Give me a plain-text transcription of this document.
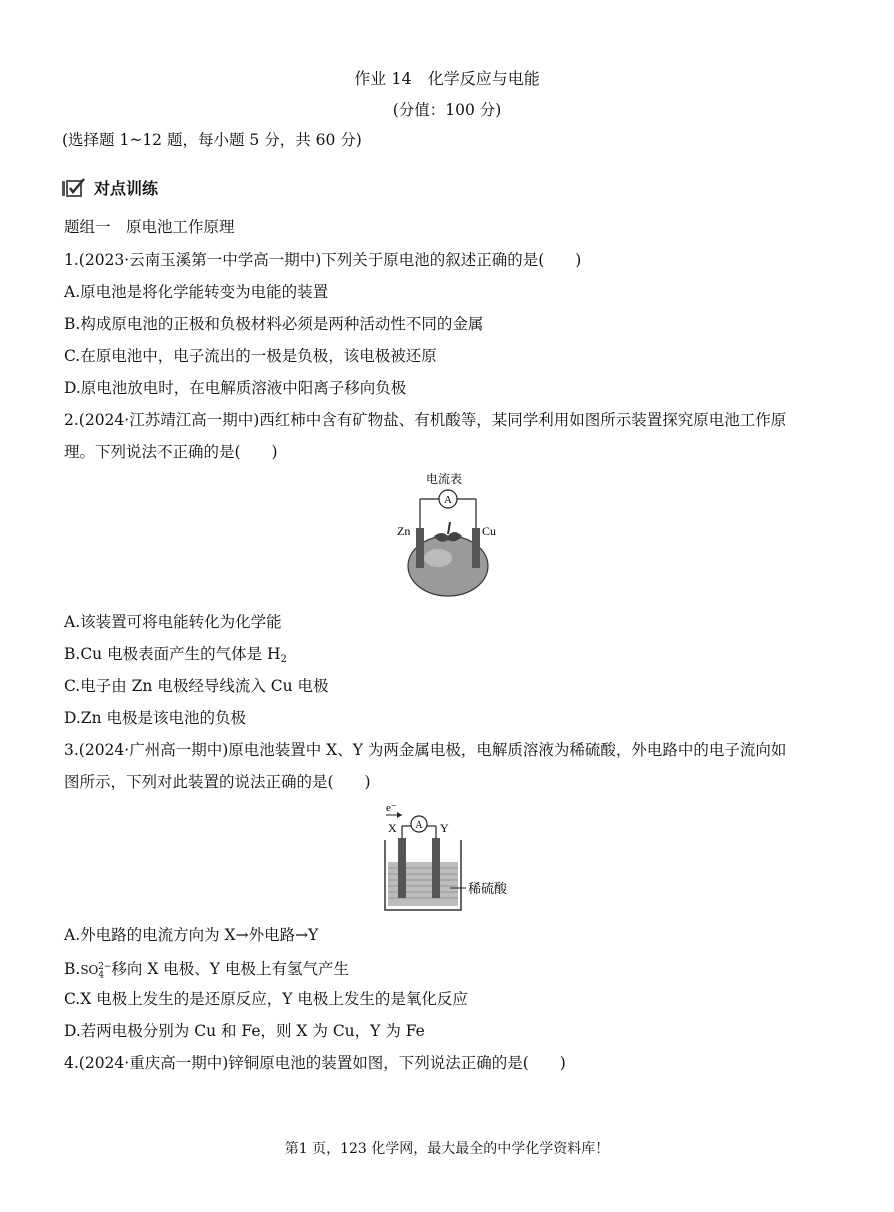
作业 14　化学反应与电能
(分值：100 分)
(选择题 1~12 题，每小题 5 分，共 60 分)
对点训练
题组一　原电池工作原理
1.(2023·云南玉溪第一中学高一期中)下列关于原电池的叙述正确的是(　　)
A.原电池是将化学能转变为电能的装置
B.构成原电池的正极和负极材料必须是两种活动性不同的金属
C.在原电池中，电子流出的一极是负极，该电极被还原
D.原电池放电时，在电解质溶液中阳离子移向负极
2.(2024·江苏靖江高一期中)西红柿中含有矿物盐、有机酸等，某同学利用如图所示装置探究原电池工作原
理。下列说法不正确的是(　　)
电流表
A
Zn	Cu
A.该装置可将电能转化为化学能
B.Cu 电极表面产生的气体是 $H_2$
C.电子由 Zn 电极经导线流入 Cu 电极
D.Zn 电极是该电池的负极
3.(2024·广州高一期中)原电池装置中 X、Y 为两金属电极，电解质溶液为稀硫酸，外电路中的电子流向如
图所示，下列对此装置的说法正确的是(　　)
e⁻
X	Y
A
稀硫酸
A.外电路的电流方向为 X→外电路→Y
$B.SO_4^{2-}$移向 X 电极、Y 电极上有氢气产生
C.X 电极上发生的是还原反应，Y 电极上发生的是氧化反应
D.若两电极分别为 Cu 和 Fe，则 X 为 Cu，Y 为 Fe
4.(2024·重庆高一期中)锌铜原电池的装置如图，下列说法正确的是(　　)
第1 页，123 化学网，最大最全的中学化学资料库！
